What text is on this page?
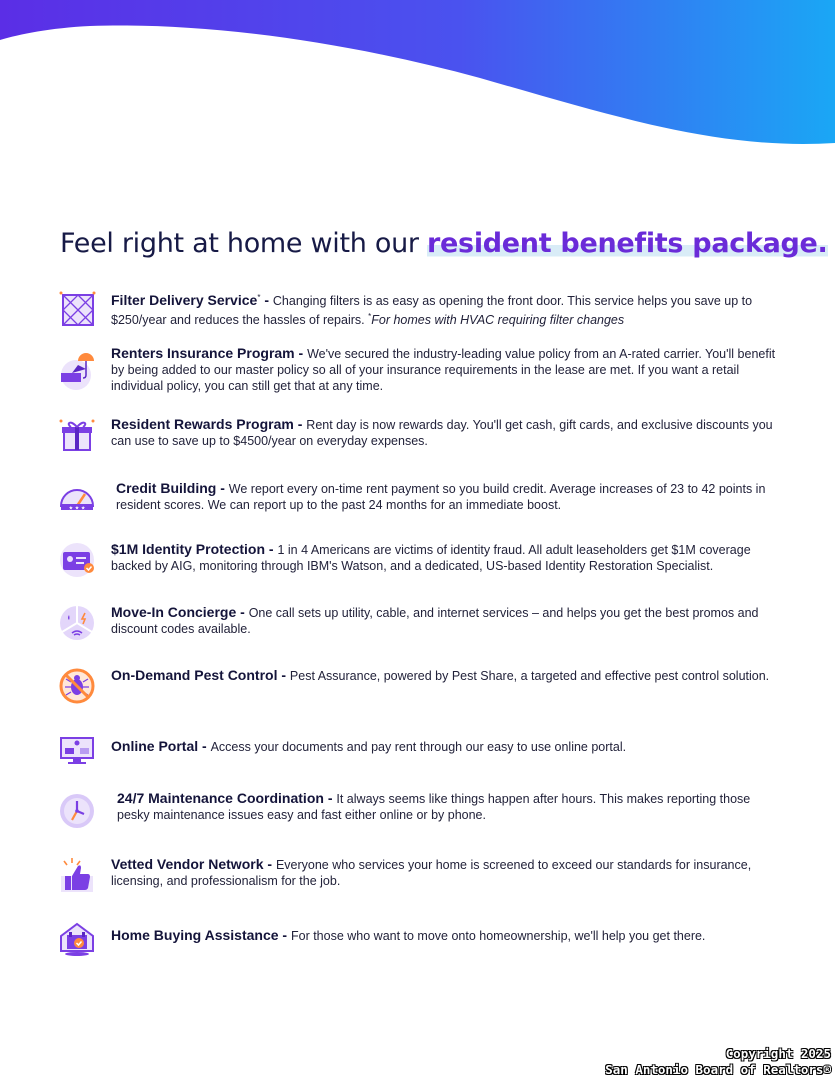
Feel right at home with our resident benefits package.
Filter Delivery Service* - Changing filters is as easy as opening the front door. This service helps you save up to $250/year and reduces the hassles of repairs. *For homes with HVAC requiring filter changes
Renters Insurance Program - We've secured the industry-leading value policy from an A-rated carrier. You'll benefit by being added to our master policy so all of your insurance requirements in the lease are met. If you want a retail individual policy, you can still get that at any time.
Resident Rewards Program - Rent day is now rewards day. You'll get cash, gift cards, and exclusive discounts you can use to save up to $4500/year on everyday expenses.
★ ★ ★
Credit Building - We report every on-time rent payment so you build credit. Average increases of 23 to 42 points in resident scores. We can report up to the past 24 months for an immediate boost.
$1M Identity Protection - 1 in 4 Americans are victims of identity fraud. All adult leaseholders get $1M coverage backed by AIG, monitoring through IBM's Watson, and a dedicated, US-based Identity Restoration Specialist.
Move-In Concierge - One call sets up utility, cable, and internet services – and helps you get the best promos and discount codes available.
On-Demand Pest Control - Pest Assurance, powered by Pest Share, a targeted and effective pest control solution.
Online Portal - Access your documents and pay rent through our easy to use online portal.
24/7 Maintenance Coordination - It always seems like things happen after hours. This makes reporting those pesky maintenance issues easy and fast either online or by phone.
Vetted Vendor Network - Everyone who services your home is screened to exceed our standards for insurance, licensing, and professionalism for the job.
Home Buying Assistance - For those who want to move onto homeownership, we'll help you get there.
Copyright 2025
San Antonio Board of Realtors®
